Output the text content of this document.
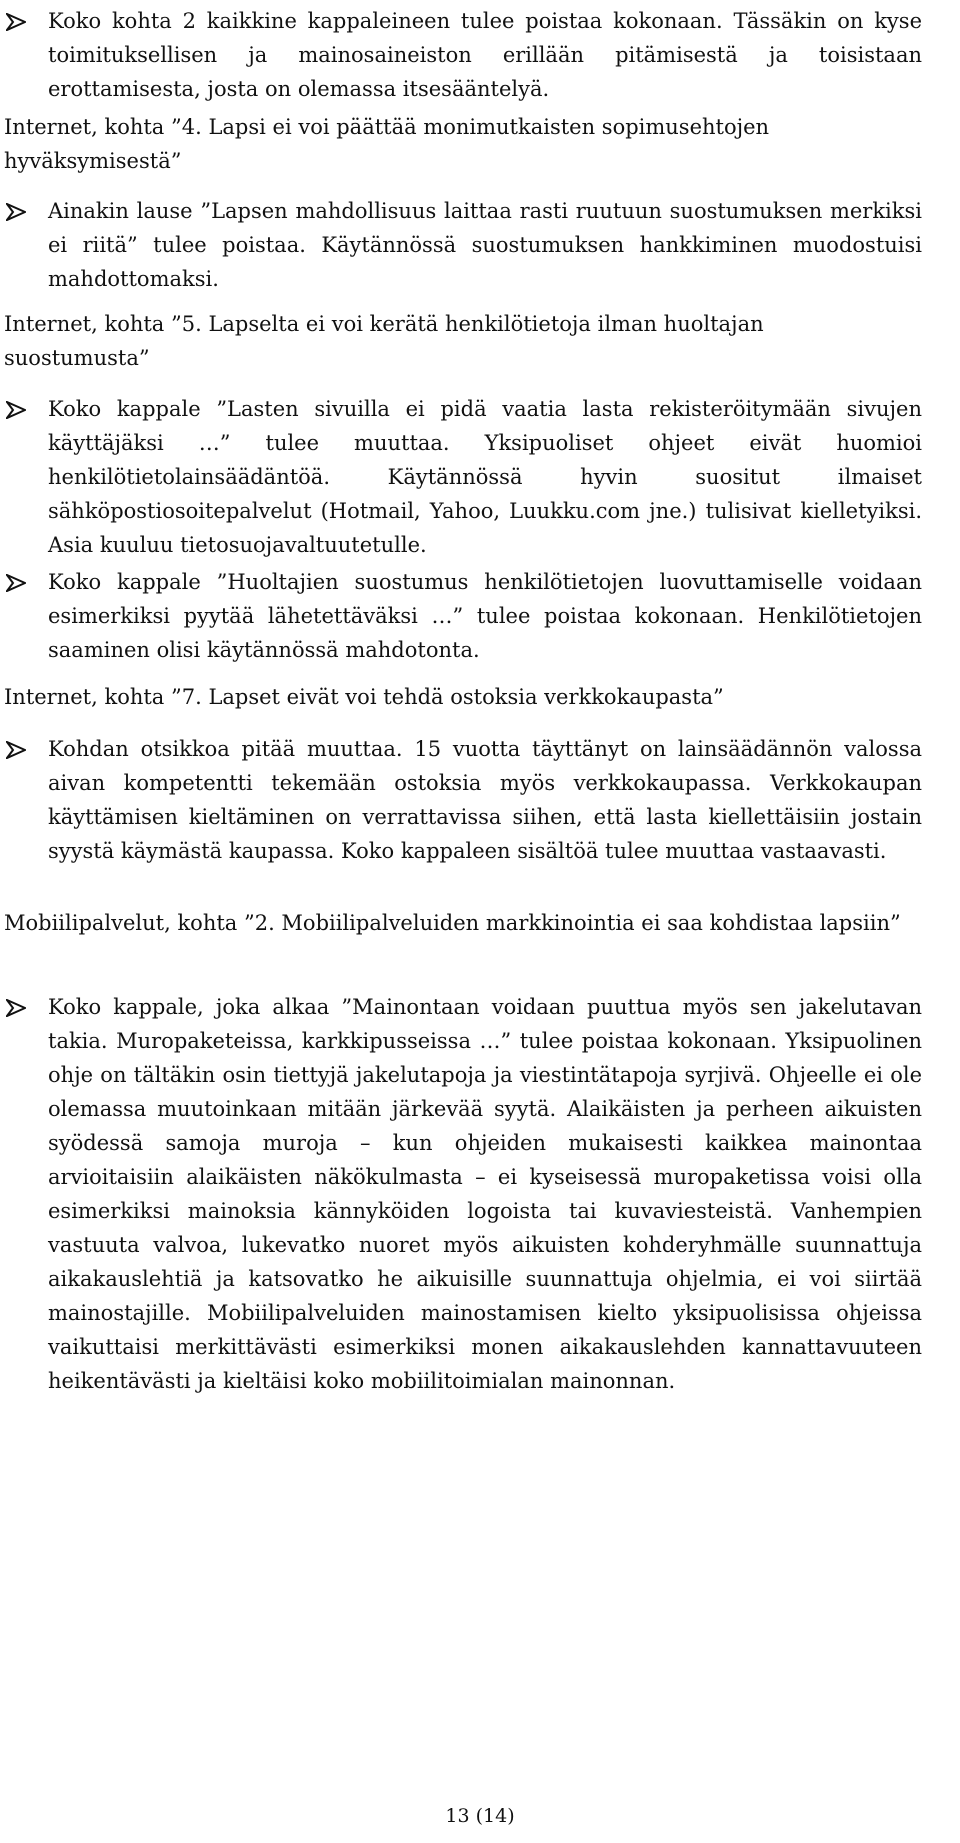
Koko kohta 2 kaikkine kappaleineen tulee poistaa kokonaan. Tässäkin on kyse toimituksellisen ja mainosaineiston erillään pitämisestä ja toisistaan erottamisesta, josta on olemassa itsesääntelyä.
Internet, kohta ”4. Lapsi ei voi päättää monimutkaisten sopimusehtojen hyväksymisestä”
Ainakin lause ”Lapsen mahdollisuus laittaa rasti ruutuun suostumuksen merkiksi ei riitä” tulee poistaa. Käytännössä suostumuksen hankkiminen muodostuisi mahdottomaksi.
Internet, kohta ”5. Lapselta ei voi kerätä henkilötietoja ilman huoltajan suostumusta”
Koko kappale ”Lasten sivuilla ei pidä vaatia lasta rekisteröitymään sivujen käyttäjäksi …” tulee muuttaa. Yksipuoliset ohjeet eivät huomioi henkilötietolainsäädäntöä. Käytännössä hyvin suositut ilmaiset sähköpostiosoitepalvelut (Hotmail, Yahoo, Luukku.com jne.) tulisivat kielletyiksi. Asia kuuluu tietosuojavaltuutetulle.
Koko kappale ”Huoltajien suostumus henkilötietojen luovuttamiselle voidaan esimerkiksi pyytää lähetettäväksi …” tulee poistaa kokonaan. Henkilötietojen saaminen olisi käytännössä mahdotonta.
Internet, kohta ”7. Lapset eivät voi tehdä ostoksia verkkokaupasta”
Kohdan otsikkoa pitää muuttaa. 15 vuotta täyttänyt on lainsäädännön valossa aivan kompetentti tekemään ostoksia myös verkkokaupassa. Verkkokaupan käyttämisen kieltäminen on verrattavissa siihen, että lasta kiellettäisiin jostain syystä käymästä kaupassa. Koko kappaleen sisältöä tulee muuttaa vastaavasti.
Mobiilipalvelut, kohta ”2. Mobiilipalveluiden markkinointia ei saa kohdistaa lapsiin”
Koko kappale, joka alkaa ”Mainontaan voidaan puuttua myös sen jakelutavan takia. Muropaketeissa, karkkipusseissa …” tulee poistaa kokonaan. Yksipuolinen ohje on tältäkin osin tiettyjä jakelutapoja ja viestintätapoja syrjivä. Ohjeelle ei ole olemassa muutoinkaan mitään järkevää syytä. Alaikäisten ja perheen aikuisten syödessä samoja muroja – kun ohjeiden mukaisesti kaikkea mainontaa arvioitaisiin alaikäisten näkökulmasta – ei kyseisessä muropaketissa voisi olla esimerkiksi mainoksia kännyköiden logoista tai kuvaviesteistä. Vanhempien vastuuta valvoa, lukevatko nuoret myös aikuisten kohderyhmälle suunnattuja aikakauslehtiä ja katsovatko he aikuisille suunnattuja ohjelmia, ei voi siirtää mainostajille. Mobiilipalveluiden mainostamisen kielto yksipuolisissa ohjeissa vaikuttaisi merkittävästi esimerkiksi monen aikakauslehden kannattavuuteen heikentävästi ja kieltäisi koko mobiilitoimialan mainonnan.
13 (14)
